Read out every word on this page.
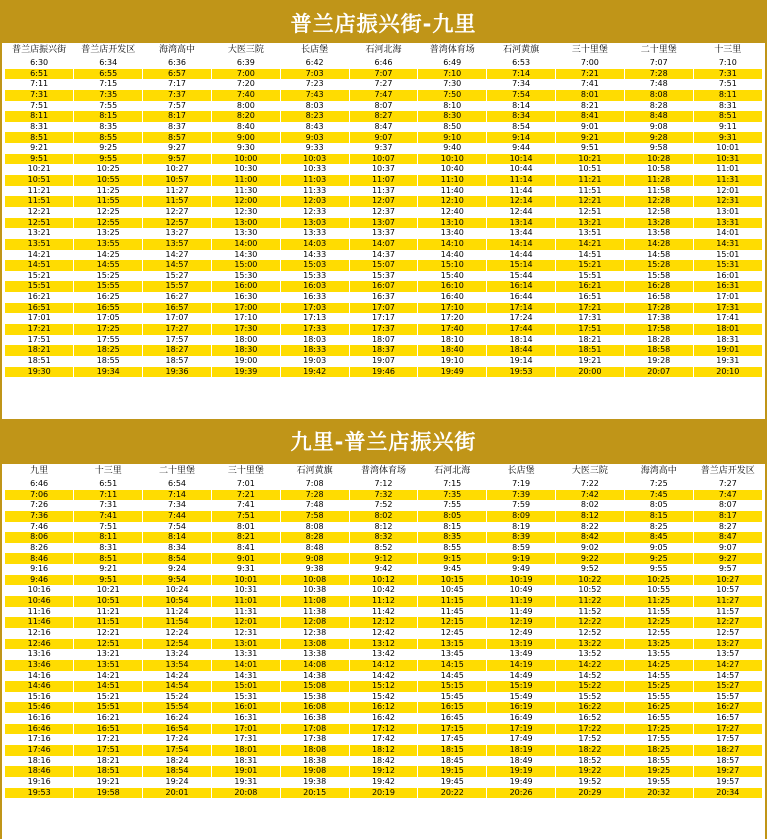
普兰店振兴街-九里
普兰店振兴街	普兰店开发区	海湾高中	大医三院	长店堡	石河北海	普湾体育场	石河黄旗	三十里堡	二十里堡	十三里
6:30	6:34	6:36	6:39	6:42	6:46	6:49	6:53	7:00	7:07	7:10
6:51	6:55	6:57	7:00	7:03	7:07	7:10	7:14	7:21	7:28	7:31
7:11	7:15	7:17	7:20	7:23	7:27	7:30	7:34	7:41	7:48	7:51
7:31	7:35	7:37	7:40	7:43	7:47	7:50	7:54	8:01	8:08	8:11
7:51	7:55	7:57	8:00	8:03	8:07	8:10	8:14	8:21	8:28	8:31
8:11	8:15	8:17	8:20	8:23	8:27	8:30	8:34	8:41	8:48	8:51
8:31	8:35	8:37	8:40	8:43	8:47	8:50	8:54	9:01	9:08	9:11
8:51	8:55	8:57	9:00	9:03	9:07	9:10	9:14	9:21	9:28	9:31
9:21	9:25	9:27	9:30	9:33	9:37	9:40	9:44	9:51	9:58	10:01
9:51	9:55	9:57	10:00	10:03	10:07	10:10	10:14	10:21	10:28	10:31
10:21	10:25	10:27	10:30	10:33	10:37	10:40	10:44	10:51	10:58	11:01
10:51	10:55	10:57	11:00	11:03	11:07	11:10	11:14	11:21	11:28	11:31
11:21	11:25	11:27	11:30	11:33	11:37	11:40	11:44	11:51	11:58	12:01
11:51	11:55	11:57	12:00	12:03	12:07	12:10	12:14	12:21	12:28	12:31
12:21	12:25	12:27	12:30	12:33	12:37	12:40	12:44	12:51	12:58	13:01
12:51	12:55	12:57	13:00	13:03	13:07	13:10	13:14	13:21	13:28	13:31
13:21	13:25	13:27	13:30	13:33	13:37	13:40	13:44	13:51	13:58	14:01
13:51	13:55	13:57	14:00	14:03	14:07	14:10	14:14	14:21	14:28	14:31
14:21	14:25	14:27	14:30	14:33	14:37	14:40	14:44	14:51	14:58	15:01
14:51	14:55	14:57	15:00	15:03	15:07	15:10	15:14	15:21	15:28	15:31
15:21	15:25	15:27	15:30	15:33	15:37	15:40	15:44	15:51	15:58	16:01
15:51	15:55	15:57	16:00	16:03	16:07	16:10	16:14	16:21	16:28	16:31
16:21	16:25	16:27	16:30	16:33	16:37	16:40	16:44	16:51	16:58	17:01
16:51	16:55	16:57	17:00	17:03	17:07	17:10	17:14	17:21	17:28	17:31
17:01	17:05	17:07	17:10	17:13	17:17	17:20	17:24	17:31	17:38	17:41
17:21	17:25	17:27	17:30	17:33	17:37	17:40	17:44	17:51	17:58	18:01
17:51	17:55	17:57	18:00	18:03	18:07	18:10	18:14	18:21	18:28	18:31
18:21	18:25	18:27	18:30	18:33	18:37	18:40	18:44	18:51	18:58	19:01
18:51	18:55	18:57	19:00	19:03	19:07	19:10	19:14	19:21	19:28	19:31
19:30	19:34	19:36	19:39	19:42	19:46	19:49	19:53	20:00	20:07	20:10
九里-普兰店振兴街
九里	十三里	二十里堡	三十里堡	石河黄旗	普湾体育场	石河北海	长店堡	大医三院	海湾高中	普兰店开发区
6:46	6:51	6:54	7:01	7:08	7:12	7:15	7:19	7:22	7:25	7:27
7:06	7:11	7:14	7:21	7:28	7:32	7:35	7:39	7:42	7:45	7:47
7:26	7:31	7:34	7:41	7:48	7:52	7:55	7:59	8:02	8:05	8:07
7:36	7:41	7:44	7:51	7:58	8:02	8:05	8:09	8:12	8:15	8:17
7:46	7:51	7:54	8:01	8:08	8:12	8:15	8:19	8:22	8:25	8:27
8:06	8:11	8:14	8:21	8:28	8:32	8:35	8:39	8:42	8:45	8:47
8:26	8:31	8:34	8:41	8:48	8:52	8:55	8:59	9:02	9:05	9:07
8:46	8:51	8:54	9:01	9:08	9:12	9:15	9:19	9:22	9:25	9:27
9:16	9:21	9:24	9:31	9:38	9:42	9:45	9:49	9:52	9:55	9:57
9:46	9:51	9:54	10:01	10:08	10:12	10:15	10:19	10:22	10:25	10:27
10:16	10:21	10:24	10:31	10:38	10:42	10:45	10:49	10:52	10:55	10:57
10:46	10:51	10:54	11:01	11:08	11:12	11:15	11:19	11:22	11:25	11:27
11:16	11:21	11:24	11:31	11:38	11:42	11:45	11:49	11:52	11:55	11:57
11:46	11:51	11:54	12:01	12:08	12:12	12:15	12:19	12:22	12:25	12:27
12:16	12:21	12:24	12:31	12:38	12:42	12:45	12:49	12:52	12:55	12:57
12:46	12:51	12:54	13:01	13:08	13:12	13:15	13:19	13:22	13:25	13:27
13:16	13:21	13:24	13:31	13:38	13:42	13:45	13:49	13:52	13:55	13:57
13:46	13:51	13:54	14:01	14:08	14:12	14:15	14:19	14:22	14:25	14:27
14:16	14:21	14:24	14:31	14:38	14:42	14:45	14:49	14:52	14:55	14:57
14:46	14:51	14:54	15:01	15:08	15:12	15:15	15:19	15:22	15:25	15:27
15:16	15:21	15:24	15:31	15:38	15:42	15:45	15:49	15:52	15:55	15:57
15:46	15:51	15:54	16:01	16:08	16:12	16:15	16:19	16:22	16:25	16:27
16:16	16:21	16:24	16:31	16:38	16:42	16:45	16:49	16:52	16:55	16:57
16:46	16:51	16:54	17:01	17:08	17:12	17:15	17:19	17:22	17:25	17:27
17:16	17:21	17:24	17:31	17:38	17:42	17:45	17:49	17:52	17:55	17:57
17:46	17:51	17:54	18:01	18:08	18:12	18:15	18:19	18:22	18:25	18:27
18:16	18:21	18:24	18:31	18:38	18:42	18:45	18:49	18:52	18:55	18:57
18:46	18:51	18:54	19:01	19:08	19:12	19:15	19:19	19:22	19:25	19:27
19:16	19:21	19:24	19:31	19:38	19:42	19:45	19:49	19:52	19:55	19:57
19:53	19:58	20:01	20:08	20:15	20:19	20:22	20:26	20:29	20:32	20:34
